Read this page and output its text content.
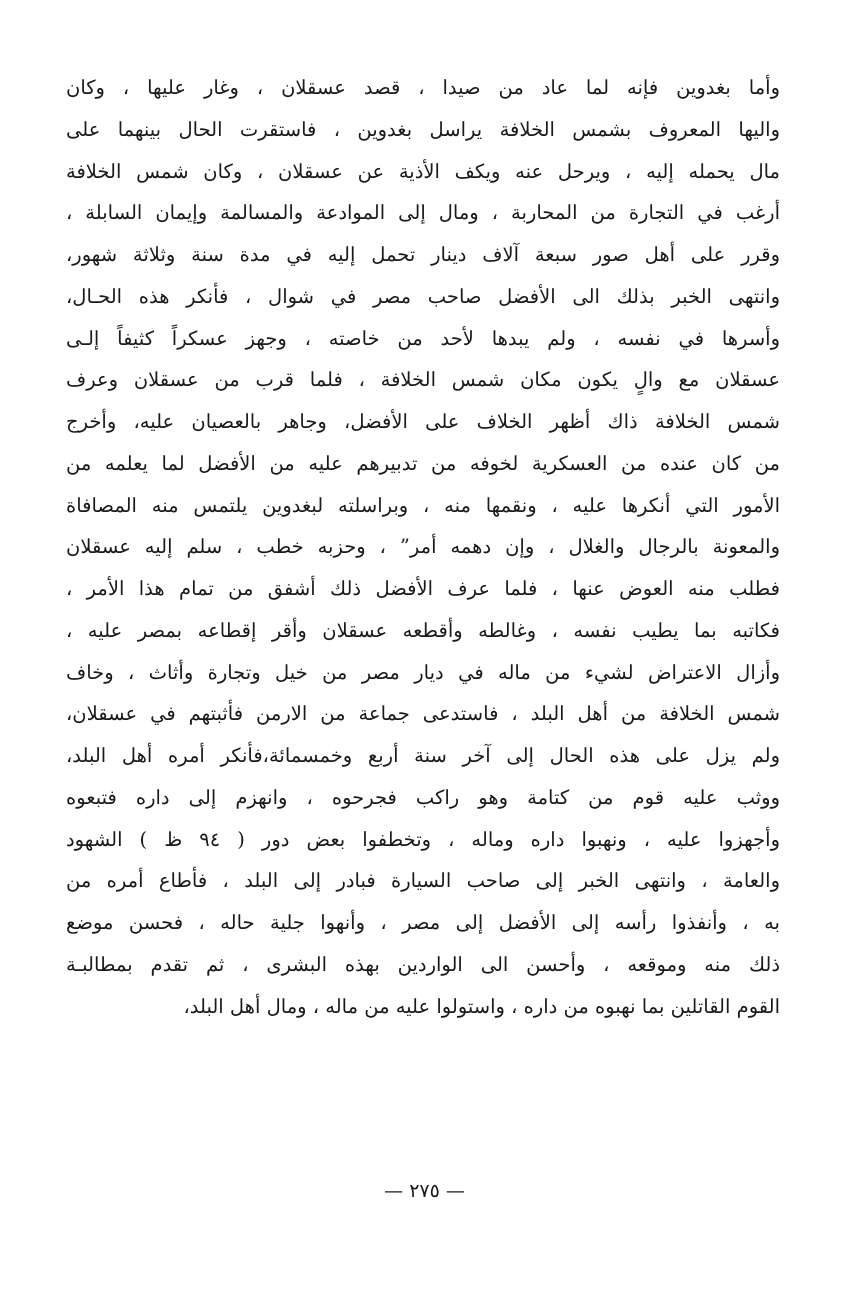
وأما بغدوين فإنه لما عاد من صيدا ، قصد عسقلان ، وغار عليها ، وكان
واليها المعروف بشمس الخلافة يراسل بغدوين ، فاستقرت الحال بينهما على
مال يحمله إليه ، ويرحل عنه ويكف الأذية عن عسقلان ، وكان شمس الخلافة
أرغب في التجارة من المحاربة ، ومال إلى الموادعة والمسالمة وإيمان السابلة ،
وقرر على أهل صور سبعة آلاف دينار تحمل إليه في مدة سنة وثلاثة شهور،
وانتهى الخبر بذلك الى الأفضل صاحب مصر في شوال ، فأنكر هذه الحـال،
وأسرها في نفسه ، ولم يبدها لأحد من خاصته ، وجهز عسكراً كثيفاً إلـى
عسقلان مع والٍ يكون مكان شمس الخلافة ، فلما قرب من عسقلان وعرف
شمس الخلافة ذاك أظهر الخلاف على الأفضل، وجاهر بالعصيان عليه، وأخرج
من كان عنده من العسكرية لخوفه من تدبيرهم عليه من الأفضل لما يعلمه من
الأمور التي أنكرها عليه ، ونقمها منه ، وبراسلته لبغدوين يلتمس منه المصافاة
والمعونة بالرجال والغلال ، وإن دهمه أمر” ، وحزبه خطب ، سلم إليه عسقلان
فطلب منه العوض عنها ، فلما عرف الأفضل ذلك أشفق من تمام هذا الأمر ،
فكاتبه بما يطيب نفسه ، وغالطه وأقطعه عسقلان وأقر إقطاعه بمصر عليه ،
وأزال الاعتراض لشيء من ماله في ديار مصر من خيل وتجارة وأثاث ، وخاف
شمس الخلافة من أهل البلد ، فاستدعى جماعة من الارمن فأثبتهم في عسقلان،
ولم يزل على هذه الحال إلى آخر سنة أربع وخمسمائة،فأنكر أمره أهل البلد،
ووثب عليه قوم من كتامة وهو راكب فجرحوه ، وانهزم إلى داره فتبعوه
وأجهزوا عليه ، ونهبوا داره وماله ، وتخطفوا بعض دور ( ٩٤ ظ ) الشهود
والعامة ، وانتهى الخبر إلى صاحب السيارة فبادر إلى البلد ، فأطاع أمره من
به ، وأنفذوا رأسه إلى الأفضل إلى مصر ، وأنهوا جلية حاله ، فحسن موضع
ذلك منه وموقعه ، وأحسن الى الواردين بهذه البشرى ، ثم تقدم بمطالبـة
القوم القاتلين بما نهبوه من داره ، واستولوا عليه من ماله ، ومال أهل البلد،
— ٢٧٥ —
